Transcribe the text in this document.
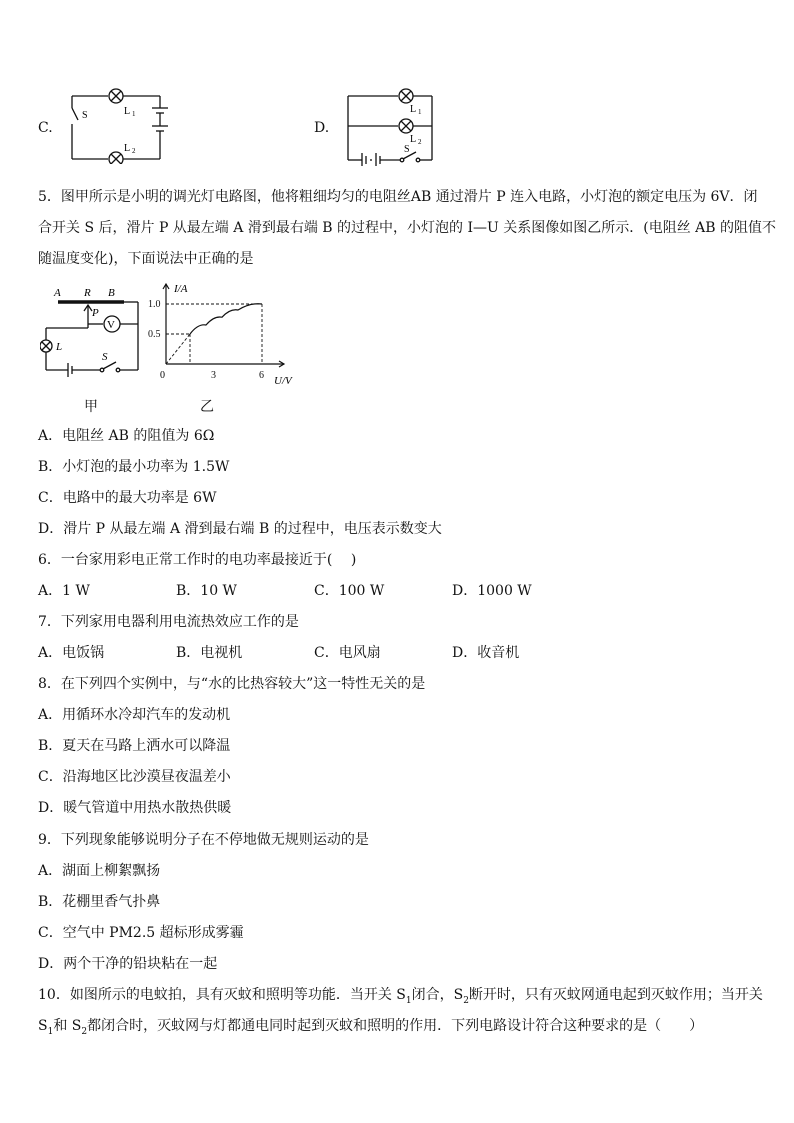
C.
S	L 1
L 2
D.
L 1
L 2
S
5．图甲所示是小明的调光灯电路图，他将粗细均匀的电阻丝AB 通过滑片 P 连入电路，小灯泡的额定电压为 6V．闭
合开关 S 后，滑片 P 从最左端 A 滑到最右端 B 的过程中，小灯泡的 I—U 关系图像如图乙所示．(电阻丝 AB 的阻值不
随温度变化)，下面说法中正确的是
A R B
P
V
L
S
甲
3	6
0.5
1.0
I/A
U/V
0
乙
A．电阻丝 AB 的阻值为 6Ω
B．小灯泡的最小功率为 1.5W
C．电路中的最大功率是 6W
D．滑片 P 从最左端 A 滑到最右端 B 的过程中，电压表示数变大
6．一台家用彩电正常工作时的电功率最接近于(　 )
A．1 W	B．10 W	C．100 W	D．1000 W
7．下列家用电器利用电流热效应工作的是
A．电饭锅	B．电视机	C．电风扇	D．收音机
8．在下列四个实例中，与“水的比热容较大”这一特性无关的是
A．用循环水冷却汽车的发动机
B．夏天在马路上洒水可以降温
C．沿海地区比沙漠昼夜温差小
D．暖气管道中用热水散热供暖
9．下列现象能够说明分子在不停地做无规则运动的是
A．湖面上柳絮飘扬
B．花棚里香气扑鼻
C．空气中 PM2.5 超标形成雾霾
D．两个干净的铅块粘在一起
10．如图所示的电蚊拍，具有灭蚊和照明等功能．当开关 $S_1$闭合，$S_2$断开时，只有灭蚊网通电起到灭蚊作用；当开关
$S_1$和 $S_2$都闭合时，灭蚊网与灯都通电同时起到灭蚊和照明的作用．下列电路设计符合这种要求的是（　　）
